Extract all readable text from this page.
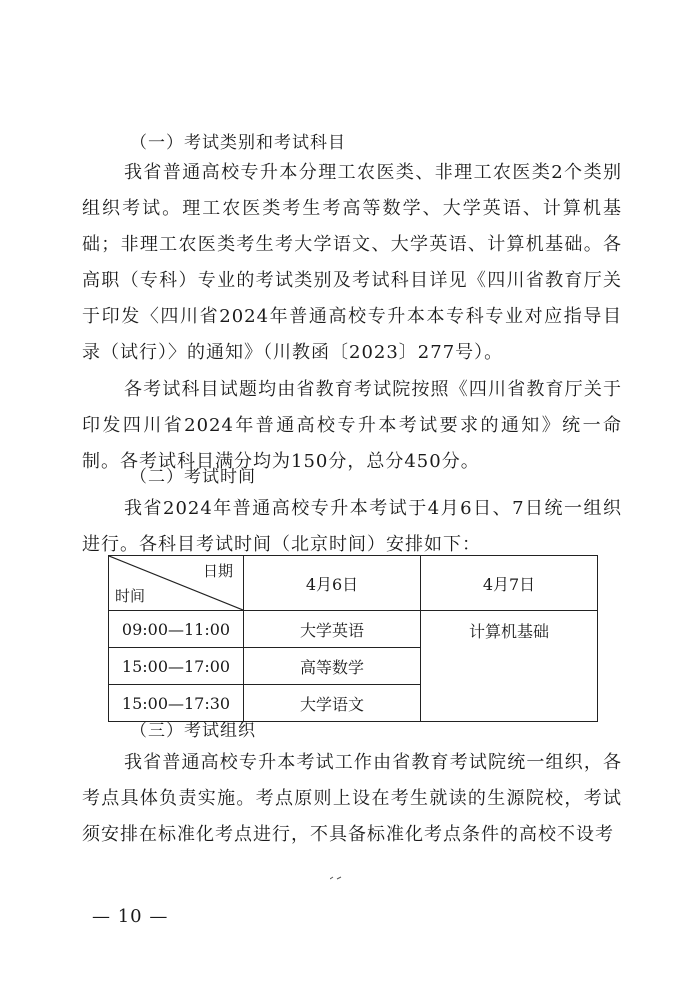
（一）考试类别和考试科目
我省普通高校专升本分理工农医类、非理工农医类2个类别组织考试。理工农医类考生考高等数学、大学英语、计算机基础；非理工农医类考生考大学语文、大学英语、计算机基础。各高职（专科）专业的考试类别及考试科目详见《四川省教育厅关于印发〈四川省2024年普通高校专升本本专科专业对应指导目录（试行）〉的通知》（川教函〔2023〕277号）。
各考试科目试题均由省教育考试院按照《四川省教育厅关于印发四川省2024年普通高校专升本考试要求的通知》统一命制。各考试科目满分均为150分，总分450分。
（二）考试时间
我省2024年普通高校专升本考试于4月6日、7日统一组织进行。各科目考试时间（北京时间）安排如下：
日期
时间	4月6日	4月7日
09:00—11:00	大学英语	计算机基础
15:00—17:00	高等数学	
15:00—17:30	大学语文	
（三）考试组织
我省普通高校专升本考试工作由省教育考试院统一组织，各考点具体负责实施。考点原则上设在考生就读的生源院校，考试须安排在标准化考点进行，不具备标准化考点条件的高校不设考
— 10 —
